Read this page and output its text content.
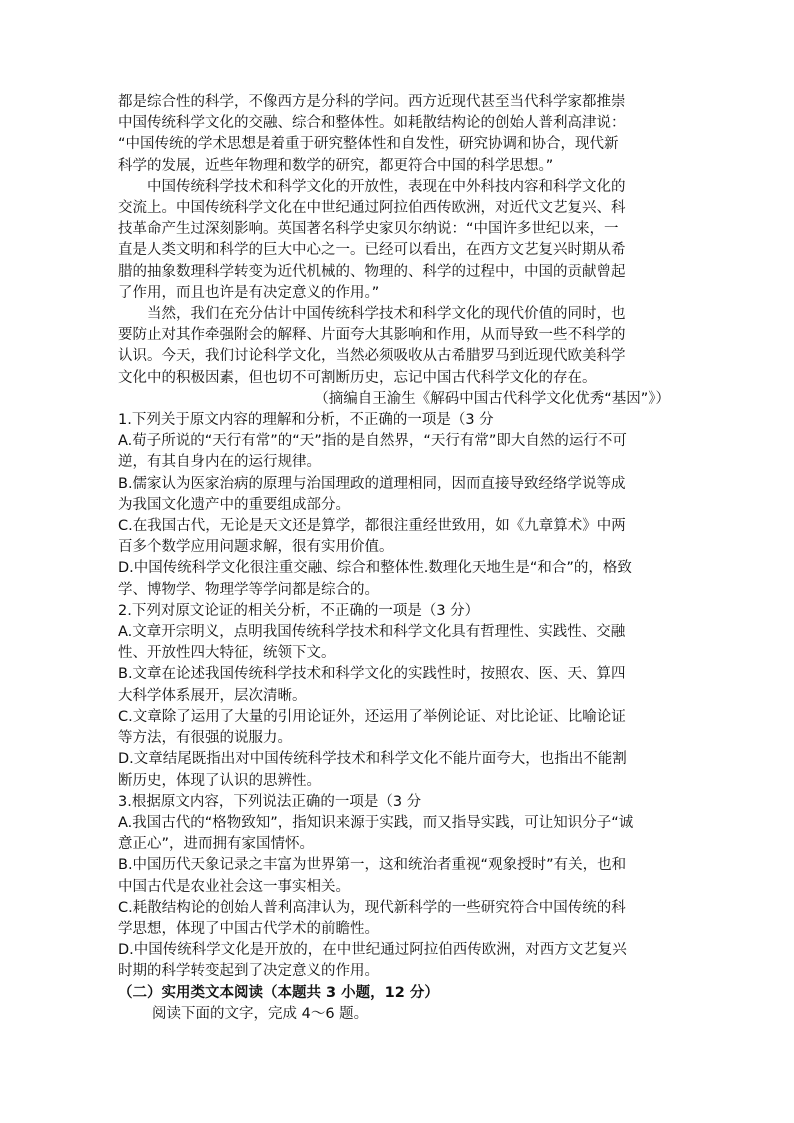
都是综合性的科学，不像西方是分科的学问。西方近现代甚至当代科学家都推崇
中国传统科学文化的交融、综合和整体性。如耗散结构论的创始人普利高津说：
“中国传统的学术思想是着重于研究整体性和自发性，研究协调和协合，现代新
科学的发展，近些年物理和数学的研究，都更符合中国的科学思想。”
中国传统科学技术和科学文化的开放性，表现在中外科技内容和科学文化的
交流上。中国传统科学文化在中世纪通过阿拉伯西传欧洲，对近代文艺复兴、科
技革命产生过深刻影响。英国著名科学史家贝尔纳说：“中国许多世纪以来，一
直是人类文明和科学的巨大中心之一。已经可以看出，在西方文艺复兴时期从希
腊的抽象数理科学转变为近代机械的、物理的、科学的过程中，中国的贡献曾起
了作用，而且也许是有决定意义的作用。”
当然，我们在充分估计中国传统科学技术和科学文化的现代价值的同时，也
要防止对其作牵强附会的解释、片面夸大其影响和作用，从而导致一些不科学的
认识。今天，我们讨论科学文化，当然必须吸收从古希腊罗马到近现代欧美科学
文化中的积极因素，但也切不可割断历史，忘记中国古代科学文化的存在。
（摘编自王渝生《解码中国古代科学文化优秀“基因”》）
1.下列关于原文内容的理解和分析，不正确的一项是（3 分
A.荀子所说的“天行有常”的“天”指的是自然界，“天行有常”即大自然的运行不可
逆，有其自身内在的运行规律。
B.儒家认为医家治病的原理与治国理政的道理相同，因而直接导致经络学说等成
为我国文化遗产中的重要组成部分。
C.在我国古代，无论是天文还是算学，都很注重经世致用，如《九章算术》中两
百多个数学应用问题求解，很有实用价值。
D.中国传统科学文化很注重交融、综合和整体性.数理化天地生是“和合”的，格致
学、博物学、物理学等学问都是综合的。
2.下列对原文论证的相关分析，不正确的一项是（3 分）
A.文章开宗明义，点明我国传统科学技术和科学文化具有哲理性、实践性、交融
性、开放性四大特征，统领下文。
B.文章在论述我国传统科学技术和科学文化的实践性时，按照农、医、天、算四
大科学体系展开，层次清晰。
C.文章除了运用了大量的引用论证外，还运用了举例论证、对比论证、比喻论证
等方法，有很强的说服力。
D.文章结尾既指出对中国传统科学技术和科学文化不能片面夸大，也指出不能割
断历史，体现了认识的思辨性。
3.根据原文内容，下列说法正确的一项是（3 分
A.我国古代的“格物致知”，指知识来源于实践，而又指导实践，可让知识分子“诚
意正心”，进而拥有家国情怀。
B.中国历代天象记录之丰富为世界第一，这和统治者重视“观象授时”有关，也和
中国古代是农业社会这一事实相关。
C.耗散结构论的创始人普利高津认为，现代新科学的一些研究符合中国传统的科
学思想，体现了中国古代学术的前瞻性。
D.中国传统科学文化是开放的，在中世纪通过阿拉伯西传欧洲，对西方文艺复兴
时期的科学转变起到了决定意义的作用。
（二）实用类文本阅读（本题共 3 小题，12 分）
阅读下面的文字，完成 4～6 题。
